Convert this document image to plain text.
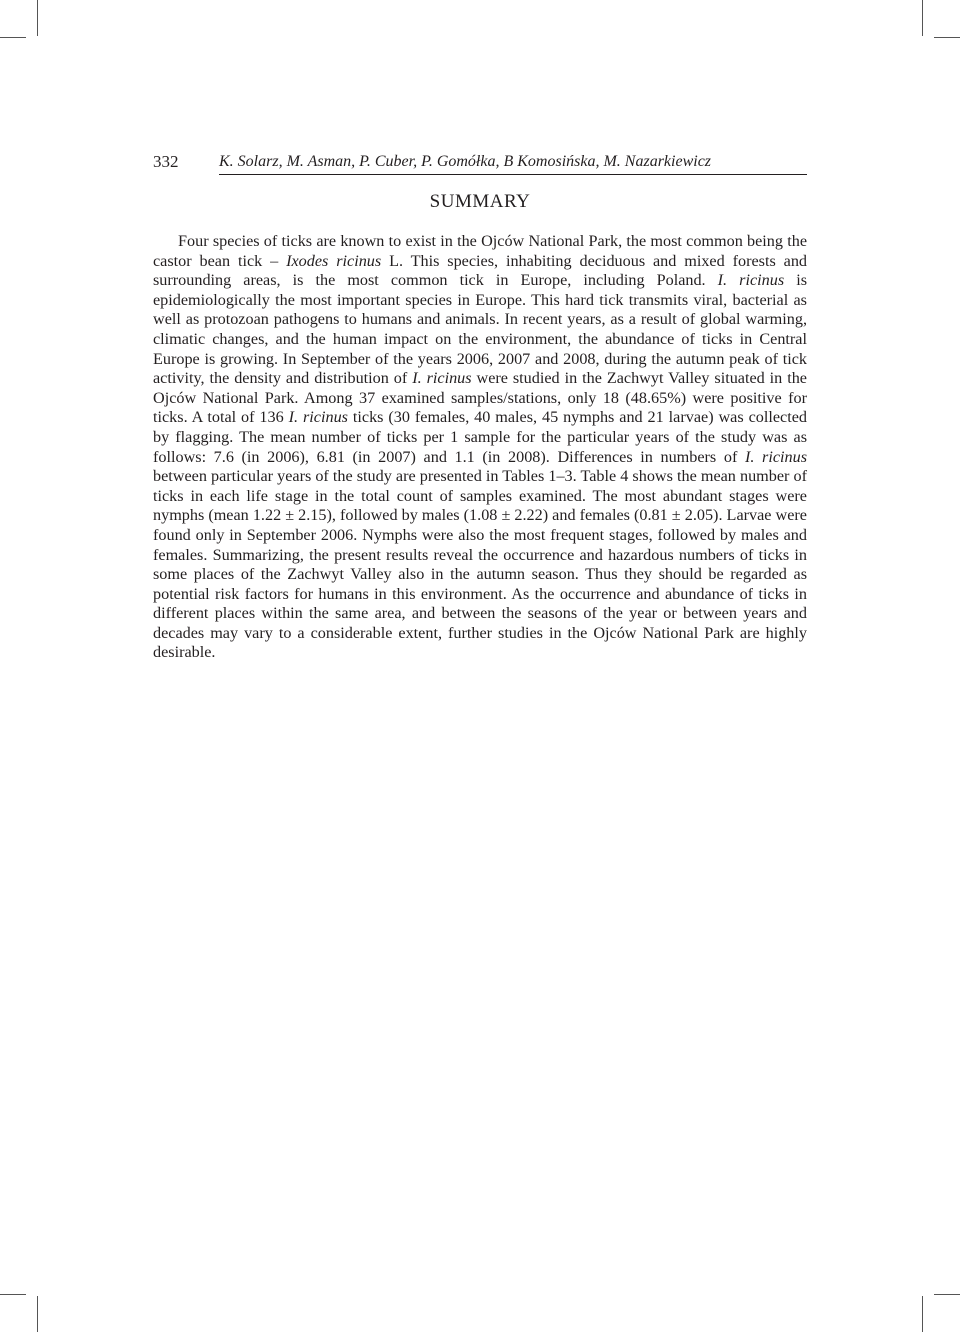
332	K. Solarz, M. Asman, P. Cuber, P. Gomółka, B Komosińska, M. Nazarkiewicz
SUMMARY

Four species of ticks are known to exist in the Ojców National Park, the most common being the castor bean tick – Ixodes ricinus L. This species, inhabiting deciduous and mixed forests and surrounding areas, is the most common tick in Europe, including Poland. I. ricinus is epidemiologically the most important species in Europe. This hard tick transmits viral, bacterial as well as protozoan pathogens to humans and animals. In recent years, as a result of global warming, climatic changes, and the human impact on the environment, the abundance of ticks in Central Europe is growing. In September of the years 2006, 2007 and 2008, during the autumn peak of tick activity, the density and distribution of I. ricinus were studied in the Zachwyt Valley situated in the Ojców National Park. Among 37 examined samples/stations, only 18 (48.65%) were positive for ticks. A total of 136 I. ricinus ticks (30 females, 40 males, 45 nymphs and 21 larvae) was collected by flagging. The mean number of ticks per 1 sample for the particular years of the study was as follows: 7.6 (in 2006), 6.81 (in 2007) and 1.1 (in 2008). Differences in numbers of I. ricinus between particular years of the study are presented in Tables 1–3. Table 4 shows the mean number of ticks in each life stage in the total count of samples examined. The most abundant stages were nymphs (mean 1.22 ± 2.15), followed by males (1.08 ± 2.22) and females (0.81 ± 2.05). Larvae were found only in September 2006. Nymphs were also the most frequent stages, followed by males and females. Summarizing, the present results reveal the occurrence and hazardous numbers of ticks in some places of the Zachwyt Valley also in the autumn season. Thus they should be regarded as potential risk factors for humans in this environment. As the occurrence and abundance of ticks in different places within the same area, and between the seasons of the year or between years and decades may vary to a considerable extent, further studies in the Ojców National Park are highly desirable.
